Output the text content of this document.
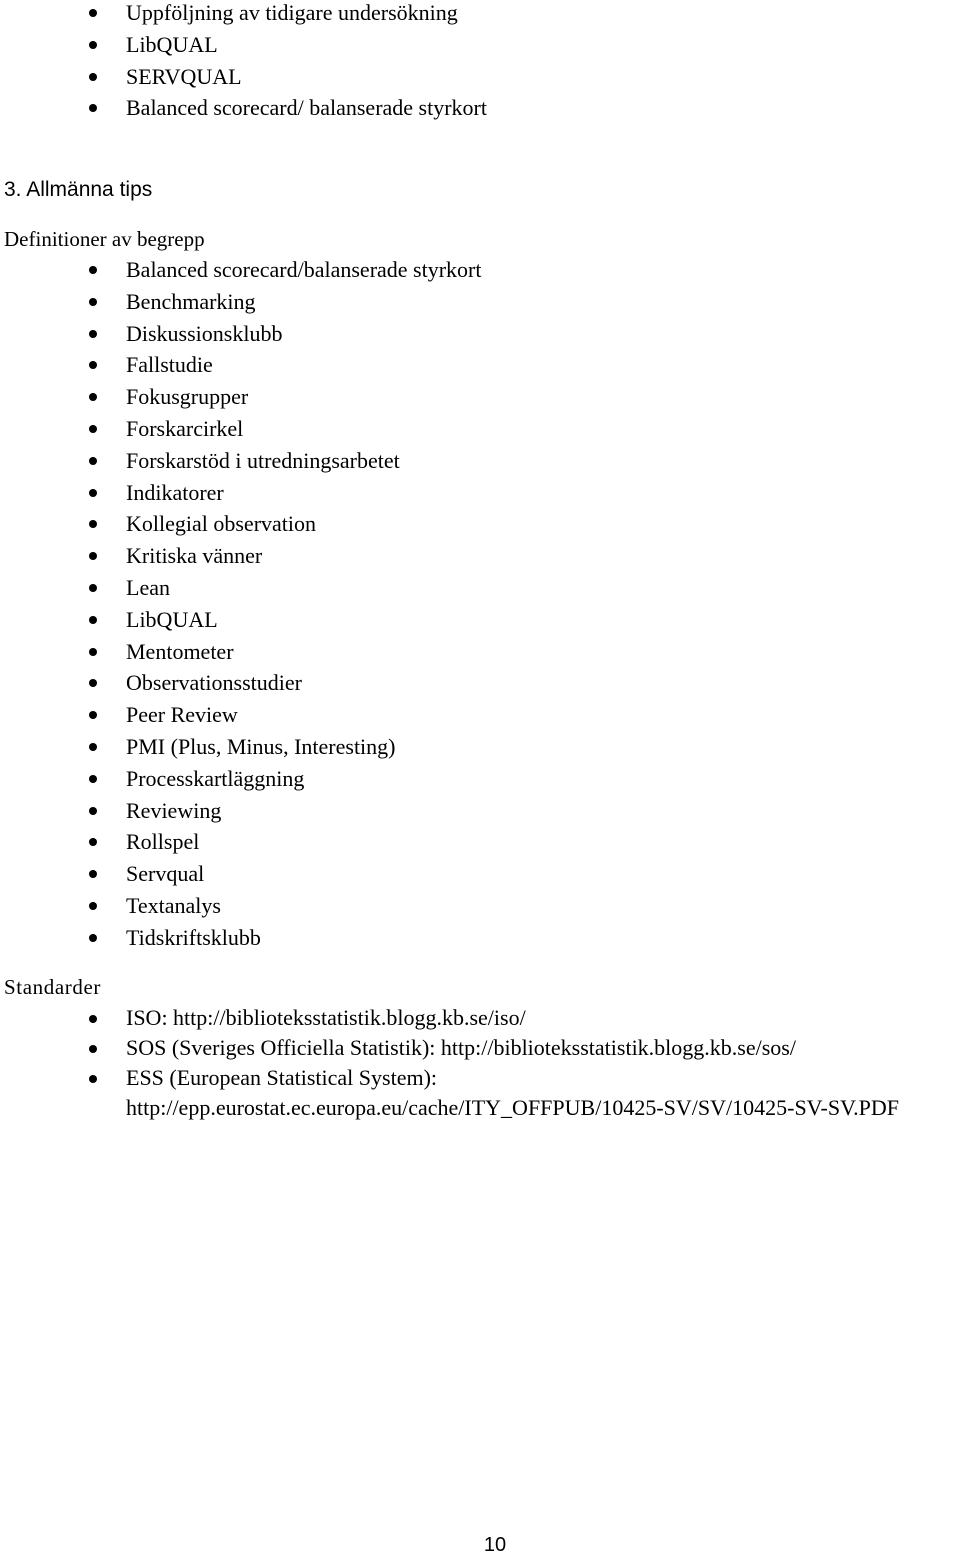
Uppföljning av tidigare undersökning
LibQUAL
SERVQUAL
Balanced scorecard/ balanserade styrkort
3. Allmänna tips
Definitioner av begrepp
Balanced scorecard/balanserade styrkort
Benchmarking
Diskussionsklubb
Fallstudie
Fokusgrupper
Forskarcirkel
Forskarstöd i utredningsarbetet
Indikatorer
Kollegial observation
Kritiska vänner
Lean
LibQUAL
Mentometer
Observationsstudier
Peer Review
PMI (Plus, Minus, Interesting)
Processkartläggning
Reviewing
Rollspel
Servqual
Textanalys
Tidskriftsklubb
Standarder
ISO: http://biblioteksstatistik.blogg.kb.se/iso/
SOS (Sveriges Officiella Statistik): http://biblioteksstatistik.blogg.kb.se/sos/
ESS (European Statistical System): http://epp.eurostat.ec.europa.eu/cache/ITY_OFFPUB/10425-SV/SV/10425-SV-SV.PDF
10
